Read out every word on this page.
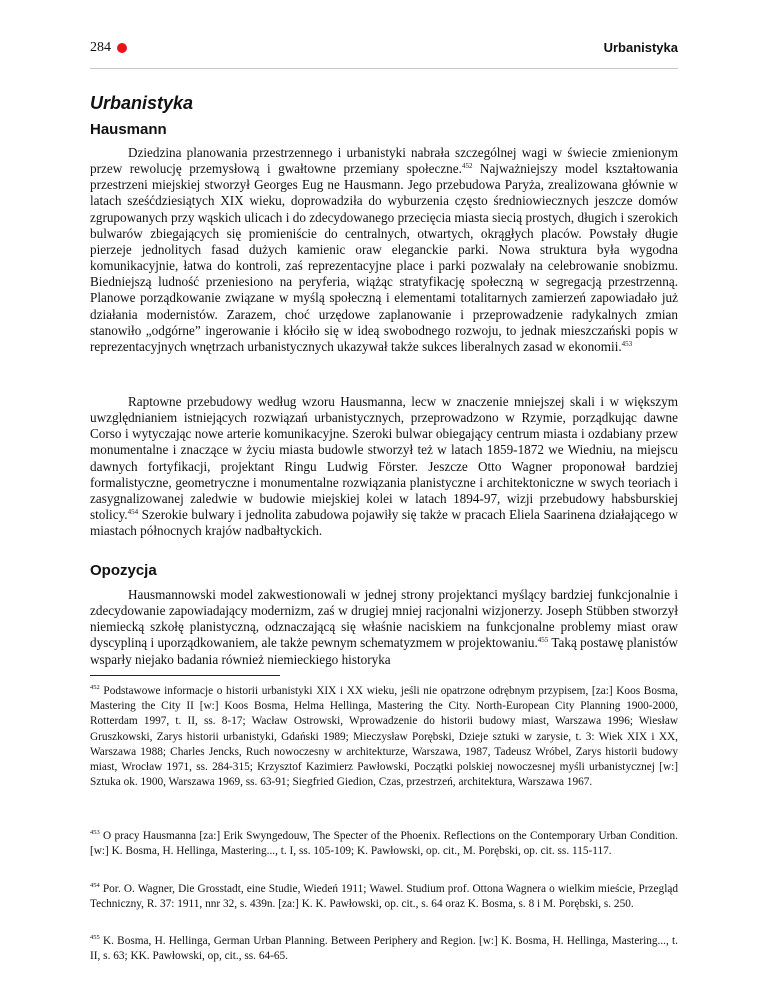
284	Urbanistyka
Urbanistyka
Hausmann

Dziedzina planowania przestrzennego i urbanistyki nabrała szczególnej wagi w świecie zmienionym przew rewolucję przemysłową i gwałtowne przemiany społeczne.$^{452}$ Najważniejszy model kształtowania przestrzeni miejskiej stworzył Georges Eug ne Hausmann. Jego przebudowa Paryża, zrealizowana głównie w latach sześćdziesiątych XIX wieku, doprowadziła do wyburzenia często średniowiecznych jeszcze domów zgrupowanych przy wąskich ulicach i do zdecydowanego przecięcia miasta siecią prostych, długich i szerokich bulwarów zbiegających się promieniście do centralnych, otwartych, okrągłych placów. Powstały długie pierzeje jednolitych fasad dużych kamienic oraw eleganckie parki. Nowa struktura była wygodna komunikacyjnie, łatwa do kontroli, zaś reprezentacyjne place i parki pozwalały na celebrowanie snobizmu. Biedniejszą ludność przeniesiono na peryferia, wiążąc stratyfikację społeczną w segregacją przestrzenną. Planowe porządkowanie związane w myślą społeczną i elementami totalitarnych zamierzeń zapowiadało już działania modernistów. Zarazem, choć urzędowe zaplanowanie i przeprowadzenie radykalnych zmian stanowiło „odgórne” ingerowanie i kłóciło się w ideą swobodnego rozwoju, to jednak mieszczański popis w reprezentacyjnych wnętrzach urbanistycznych ukazywał także sukces liberalnych zasad w ekonomii.$^{453}$

Raptowne przebudowy według wzoru Hausmanna, lecw w znaczenie mniejszej skali i w większym uwzględnianiem istniejących rozwiązań urbanistycznych, przeprowadzono w Rzymie, porządkując dawne Corso i wytyczając nowe arterie komunikacyjne. Szeroki bulwar obiegający centrum miasta i ozdabiany przew monumentalne i znaczące w życiu miasta budowle stworzył też w latach 1859-1872 we Wiedniu, na miejscu dawnych fortyfikacji, projektant Ringu Ludwig Förster. Jeszcze Otto Wagner proponował bardziej formalistyczne, geometryczne i monumentalne rozwiązania planistyczne i architektoniczne w swych teoriach i zasygnalizowanej zaledwie w budowie miejskiej kolei w latach 1894-97, wizji przebudowy habsburskiej stolicy.$^{454}$ Szerokie bulwary i jednolita zabudowa pojawiły się także w pracach Eliela Saarinena działającego w miastach północnych krajów nadbałtyckich.

Opozycja

Hausmannowski model zakwestionowali w jednej strony projektanci myślący bardziej funkcjonalnie i zdecydowanie zapowiadający modernizm, zaś w drugiej mniej racjonalni wizjonerzy. Joseph Stübben stworzył niemiecką szkołę planistyczną, odznaczającą się właśnie naciskiem na funkcjonalne problemy miast oraw dyscypliną i uporządkowaniem, ale także pewnym schematyzmem w projektowaniu.$^{455}$ Taką postawę planistów wsparły niejako badania również niemieckiego historyka

$^{452}$ Podstawowe informacje o historii urbanistyki XIX i XX wieku, jeśli nie opatrzone odrębnym przypisem, [za:] Koos Bosma, Mastering the City II [w:] Koos Bosma, Helma Hellinga, Mastering the City. North-European City Planning 1900-2000, Rotterdam 1997, t. II, ss. 8-17; Wacław Ostrowski, Wprowadzenie do historii budowy miast, Warszawa 1996; Wiesław Gruszkowski, Zarys historii urbanistyki, Gdański 1989; Mieczysław Porębski, Dzieje sztuki w zarysie, t. 3: Wiek XIX i XX, Warszawa 1988; Charles Jencks, Ruch nowoczesny w architekturze, Warszawa, 1987, Tadeusz Wróbel, Zarys historii budowy miast, Wrocław 1971, ss. 284-315; Krzysztof Kazimierz Pawłowski, Początki polskiej nowoczesnej myśli urbanistycznej [w:] Sztuka ok. 1900, Warszawa 1969, ss. 63-91; Siegfried Giedion, Czas, przestrzeń, architektura, Warszawa 1967.

$^{453}$ O pracy Hausmanna [za:] Erik Swyngedouw, The Specter of the Phoenix. Reflections on the Contemporary Urban Condition. [w:] K. Bosma, H. Hellinga, Mastering..., t. I, ss. 105-109; K. Pawłowski, op. cit., M. Porębski, op. cit. ss. 115-117.

$^{454}$ Por. O. Wagner, Die Grosstadt, eine Studie, Wiedeń 1911; Wawel. Studium prof. Ottona Wagnera o wielkim mieście, Przegląd Techniczny, R. 37: 1911, nnr 32, s. 439n. [za:] K. K. Pawłowski, op. cit., s. 64 oraz K. Bosma, s. 8 i M. Porębski, s. 250.

$^{455}$ K. Bosma, H. Hellinga, German Urban Planning. Between Periphery and Region. [w:] K. Bosma, H. Hellinga, Mastering..., t. II, s. 63; KK. Pawłowski, op, cit., ss. 64-65.
